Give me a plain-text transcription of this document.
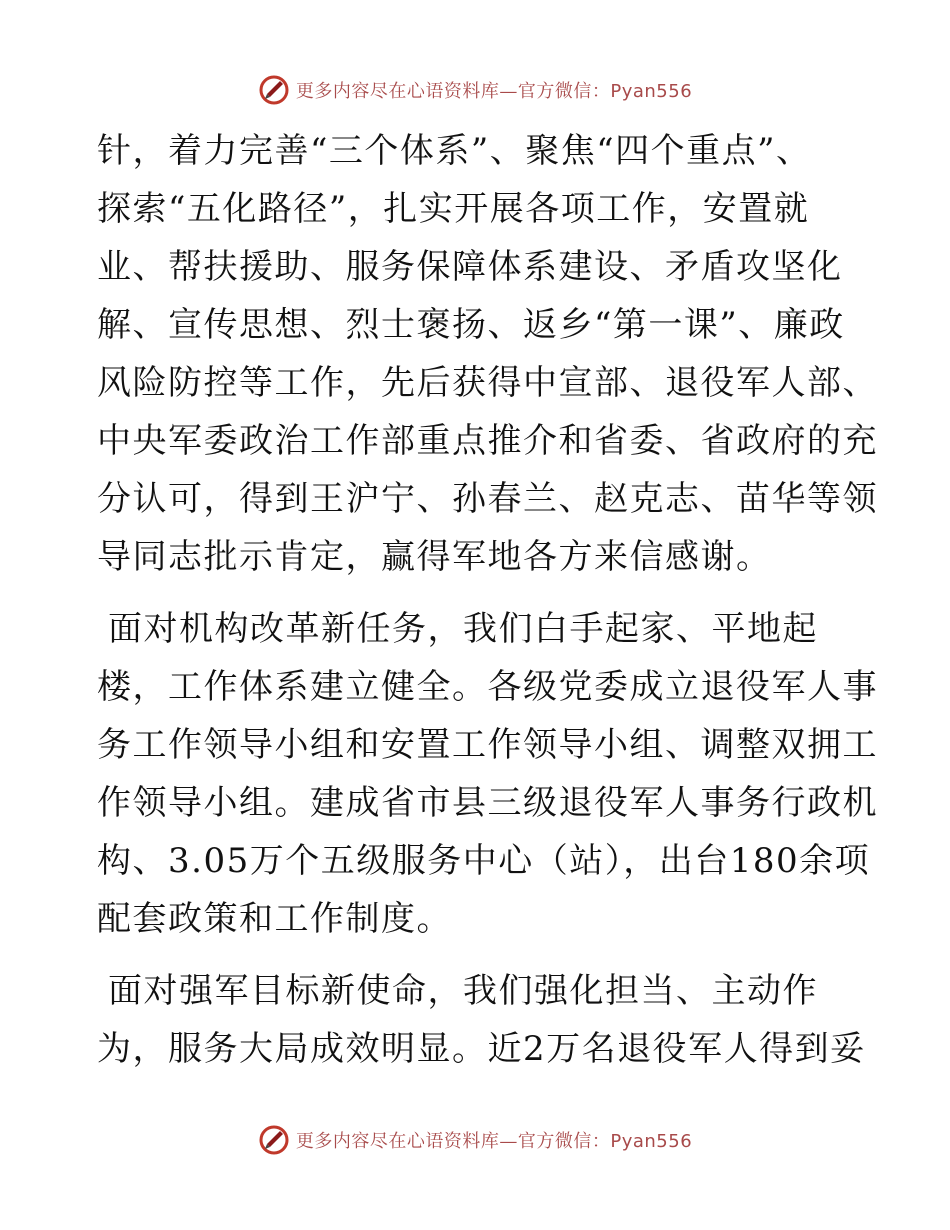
更多内容尽在心语资料库—官方微信：Pyan556
针，着力完善“三个体系”、聚焦“四个重点”、
探索“五化路径”，扎实开展各项工作，安置就
业、帮扶援助、服务保障体系建设、矛盾攻坚化
解、宣传思想、烈士褒扬、返乡“第一课”、廉政
风险防控等工作，先后获得中宣部、退役军人部、
中央军委政治工作部重点推介和省委、省政府的充
分认可，得到王沪宁、孙春兰、赵克志、苗华等领
导同志批示肯定，赢得军地各方来信感谢。
面对机构改革新任务，我们白手起家、平地起
楼，工作体系建立健全。各级党委成立退役军人事
务工作领导小组和安置工作领导小组、调整双拥工
作领导小组。建成省市县三级退役军人事务行政机
构、3.05万个五级服务中心（站），出台180余项
配套政策和工作制度。
面对强军目标新使命，我们强化担当、主动作
为，服务大局成效明显。近2万名退役军人得到妥
更多内容尽在心语资料库—官方微信：Pyan556
